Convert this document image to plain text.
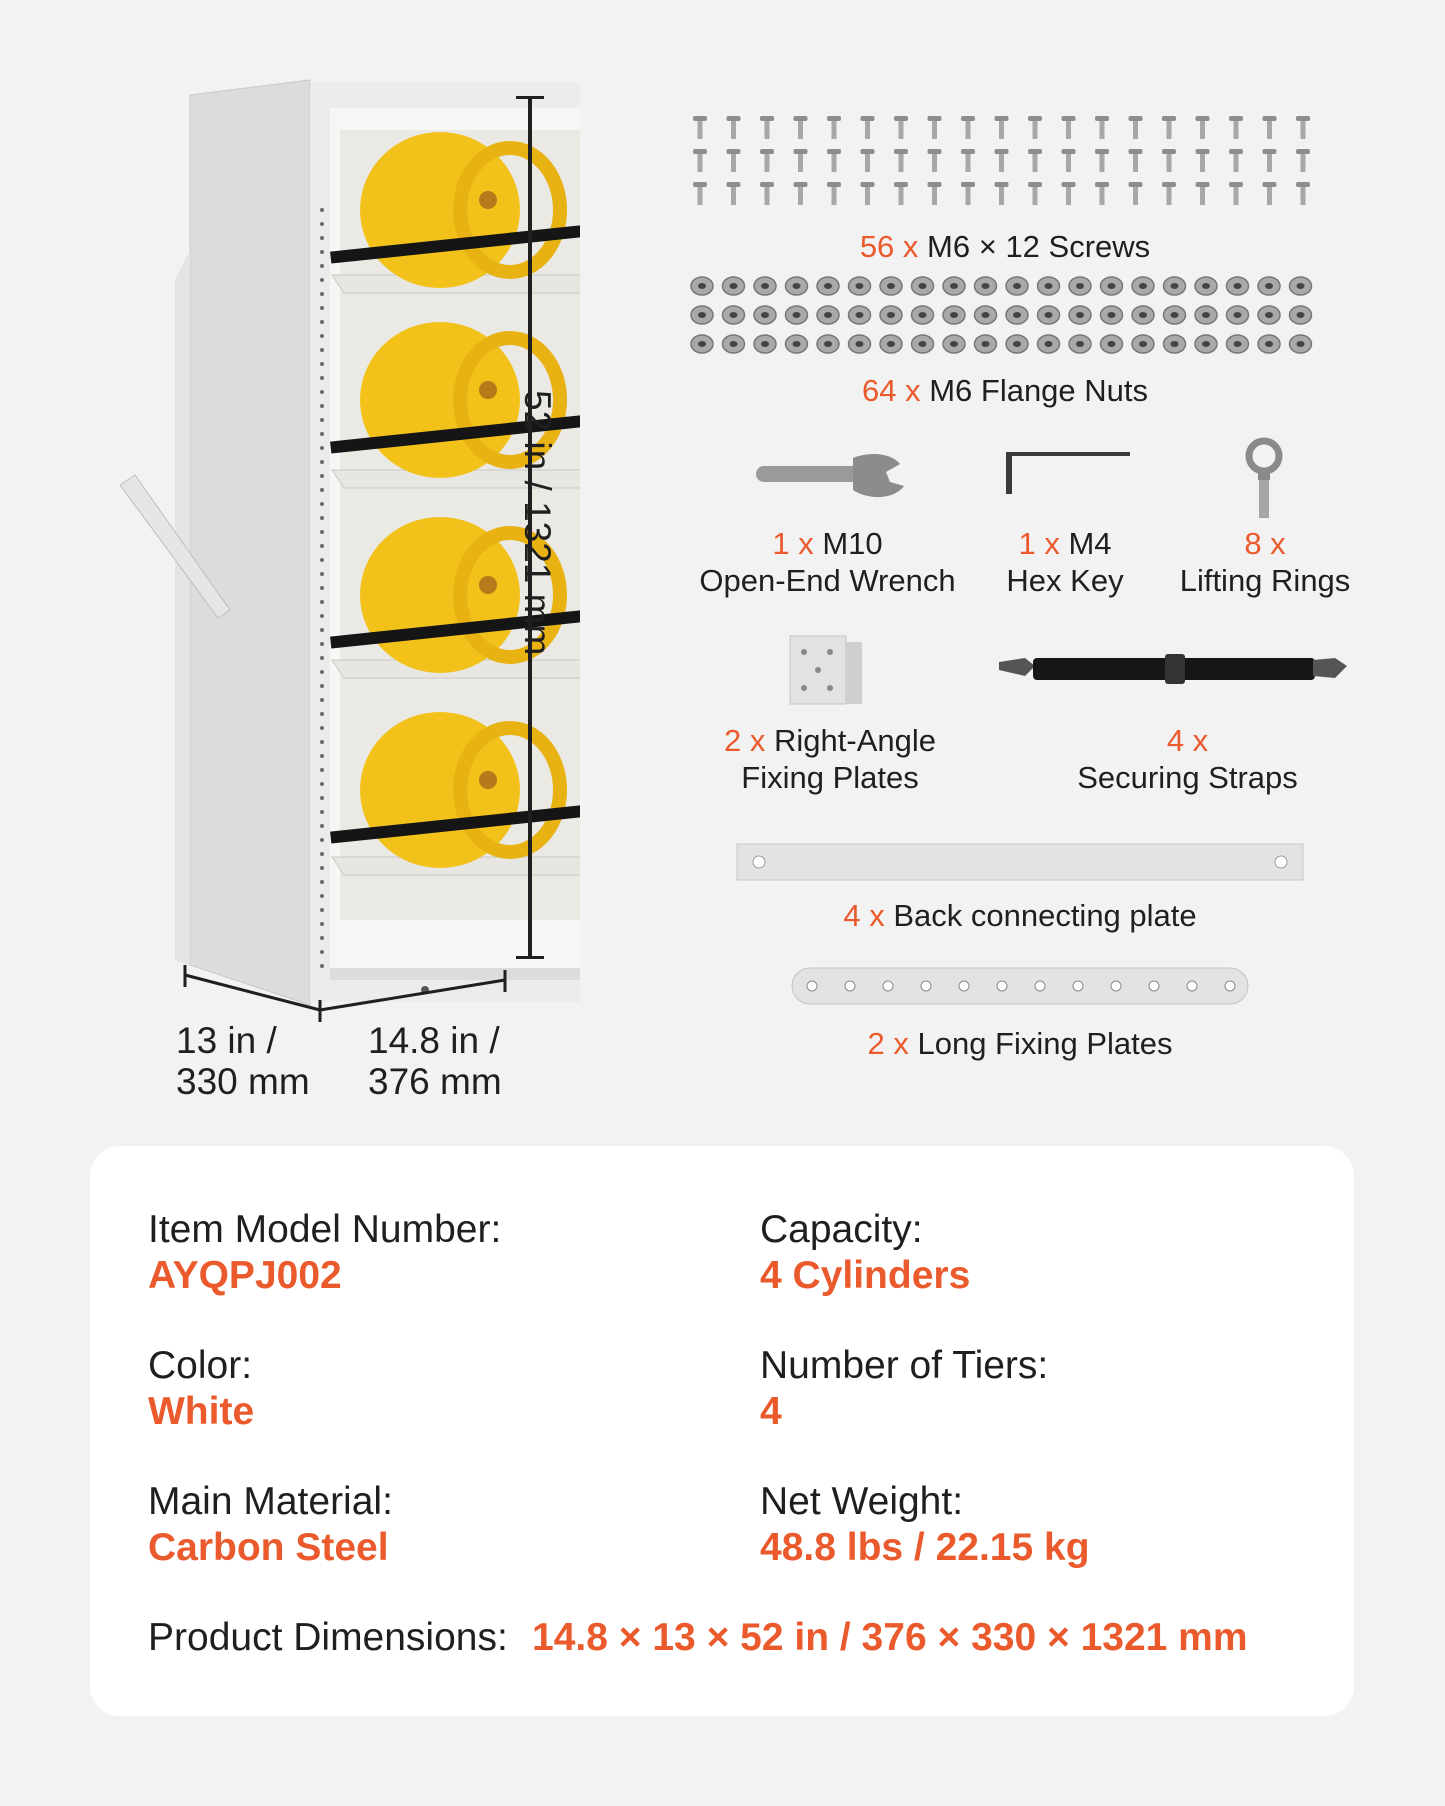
52 in / 1321 mm
13 in /
330 mm
14.8 in /
376 mm
56 x M6 × 12 Screws
64 x M6 Flange Nuts
1 x M10
Open-End Wrench
1 x M4
Hex Key
8 x
Lifting Rings
2 x Right-Angle
Fixing Plates
4 x
Securing Straps
4 x Back connecting plate
2 x Long Fixing Plates
Item Model Number:
AYQPJ002
Capacity:
4 Cylinders
Color:
White
Number of Tiers:
4
Main Material:
Carbon Steel
Net Weight:
48.8 lbs / 22.15 kg
Product Dimensions: 14.8 × 13 × 52 in / 376 × 330 × 1321 mm
